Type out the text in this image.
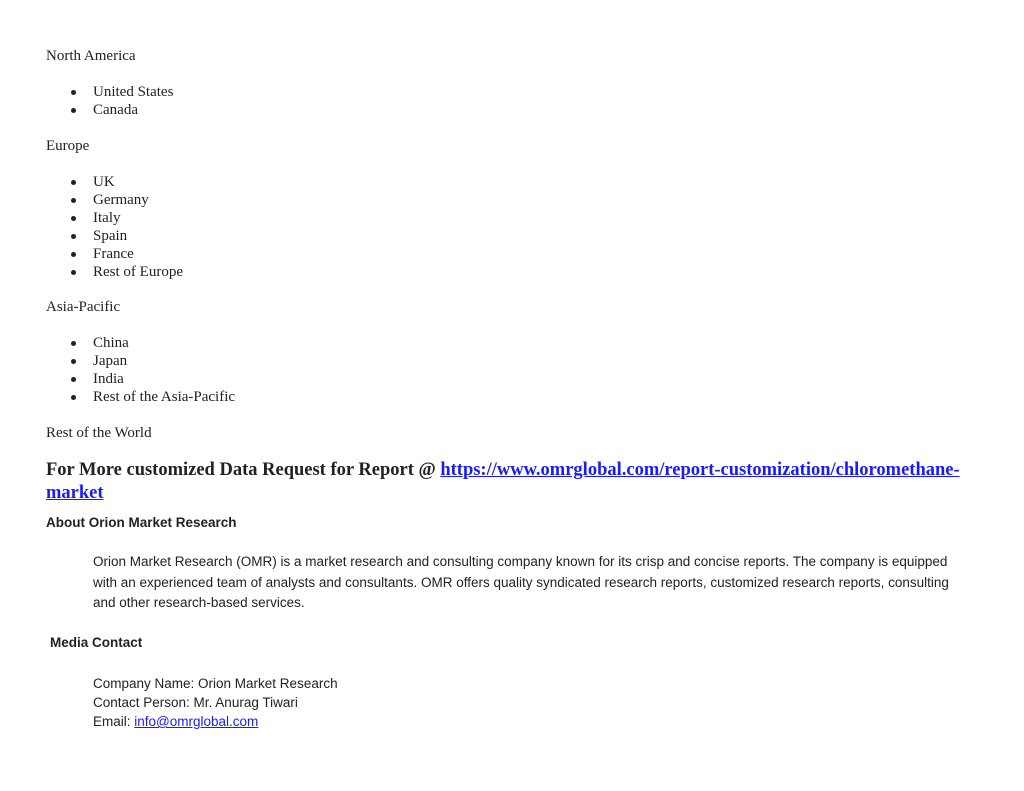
North America

United States
Canada

Europe

UK
Germany
Italy
Spain
France
Rest of Europe

Asia-Pacific

China
Japan
India
Rest of the Asia-Pacific

Rest of the World

For More customized Data Request for Report @ https://www.omrglobal.com/report-customization/chloromethane-market

About Orion Market Research

Orion Market Research (OMR) is a market research and consulting company known for its crisp and concise reports. The company is equipped with an experienced team of analysts and consultants. OMR offers quality syndicated research reports, customized research reports, consulting and other research-based services.

Media Contact

Company Name: Orion Market Research
Contact Person: Mr. Anurag Tiwari
Email: info@omrglobal.com
